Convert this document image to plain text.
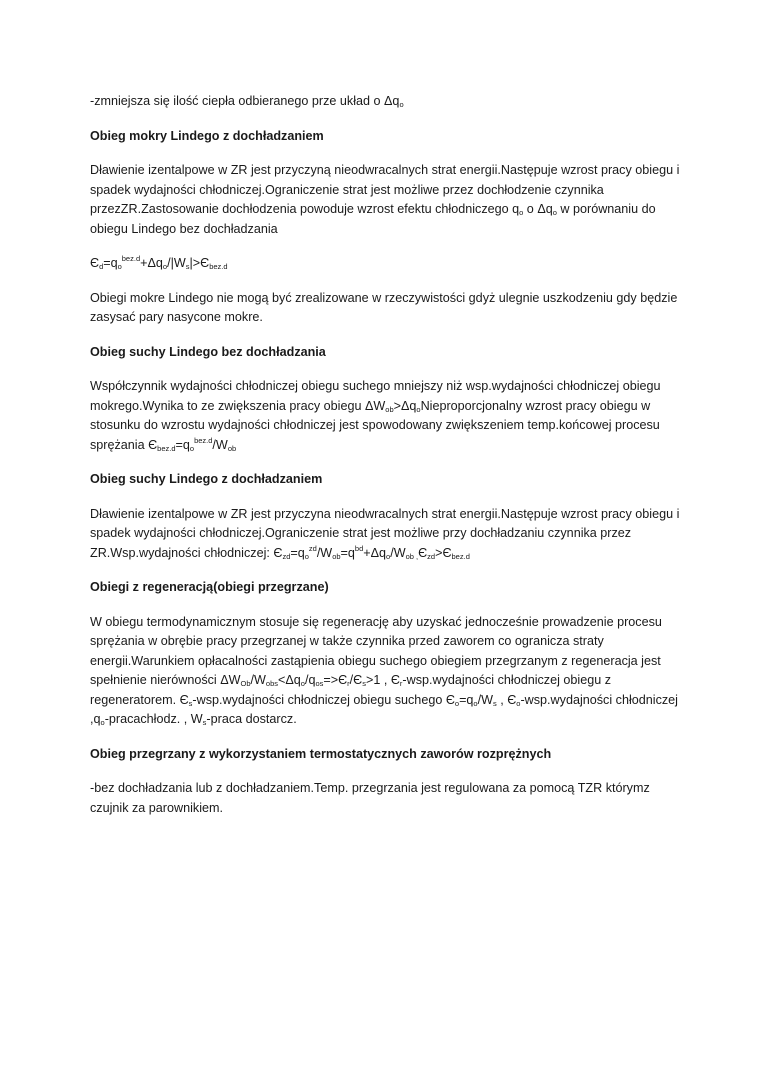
-zmniejsza się ilość ciepła odbieranego prze układ o $\Delta q_o$

Obieg mokry Lindego z dochładzaniem

Dławienie izentalpowe w ZR jest przyczyną nieodwracalnych strat energii.Następuje wzrost pracy obiegu i spadek wydajności chłodniczej.Ograniczenie strat jest możliwe przez dochłodzenie czynnika przezZR.Zastosowanie dochłodzenia powoduje wzrost efektu chłodniczego $q_o$ o $\Delta q_o$ w porównaniu do obiegu Lindego bez dochładzania

$Є_d=q_o^{bez.d}+\Delta q_o/|W_s|>Є_{bez.d}$

Obiegi mokre Lindego nie mogą być zrealizowane w rzeczywistości gdyż ulegnie uszkodzeniu gdy będzie zasysać pary nasycone mokre.

Obieg suchy Lindego bez dochładzania

Współczynnik wydajności chłodniczej obiegu suchego mniejszy niż wsp.wydajności chłodniczej obiegu mokrego.Wynika to ze zwiększenia pracy obiegu $\Delta W_{ob}>\Delta q_oNieproporcjonalny$ wzrost pracy obiegu w stosunku do wzrostu wydajności chłodniczej jest spowodowany zwiększeniem temp.końcowej procesu sprężania $Є_{bez.d}=q_o^{bez.d}/W_{ob}$

Obieg suchy Lindego z dochładzaniem

Dławienie izentalpowe w ZR jest przyczyna nieodwracalnych strat energii.Następuje wzrost pracy obiegu i spadek wydajności chłodniczej.Ograniczenie strat jest możliwe przy dochładzaniu czynnika przez ZR.Wsp.wydajności chłodniczej: $Є_{zd}=q_o^{zd}/W_{ob}=q^{bd}+\Delta q_o/W_{ob ,}Є_{zd}>Є_{bez.d}$

Obiegi z regeneracją(obiegi przegrzane)

W obiegu termodynamicznym stosuje się regenerację aby uzyskać jednocześnie prowadzenie procesu sprężania w obrębie pracy przegrzanej w także czynnika przed zaworem co ogranicza straty energii.Warunkiem opłacalności zastąpienia obiegu suchego obiegiem przegrzanym z regeneracja jest spełnienie nierówności $\Delta W_{Ob}/W_{obs}<\Delta q_o/q_{os}=>Є_r/Є_s>1$ , $Є_r-wsp.wydajności$ chłodniczej obiegu z regeneratorem. $Є_s-wsp.wydajności$ chłodniczej obiegu suchego $Є_o=q_o/W_s$ , $Є_o-wsp.wydajności$ chłodniczej $,q_o$-pracachłodz. , $W_s$-praca dostarcz.

Obieg przegrzany z wykorzystaniem termostatycznych zaworów rozprężnych

-bez dochładzania lub z dochładzaniem.Temp. przegrzania jest regulowana za pomocą TZR którymz czujnik za parownikiem.
